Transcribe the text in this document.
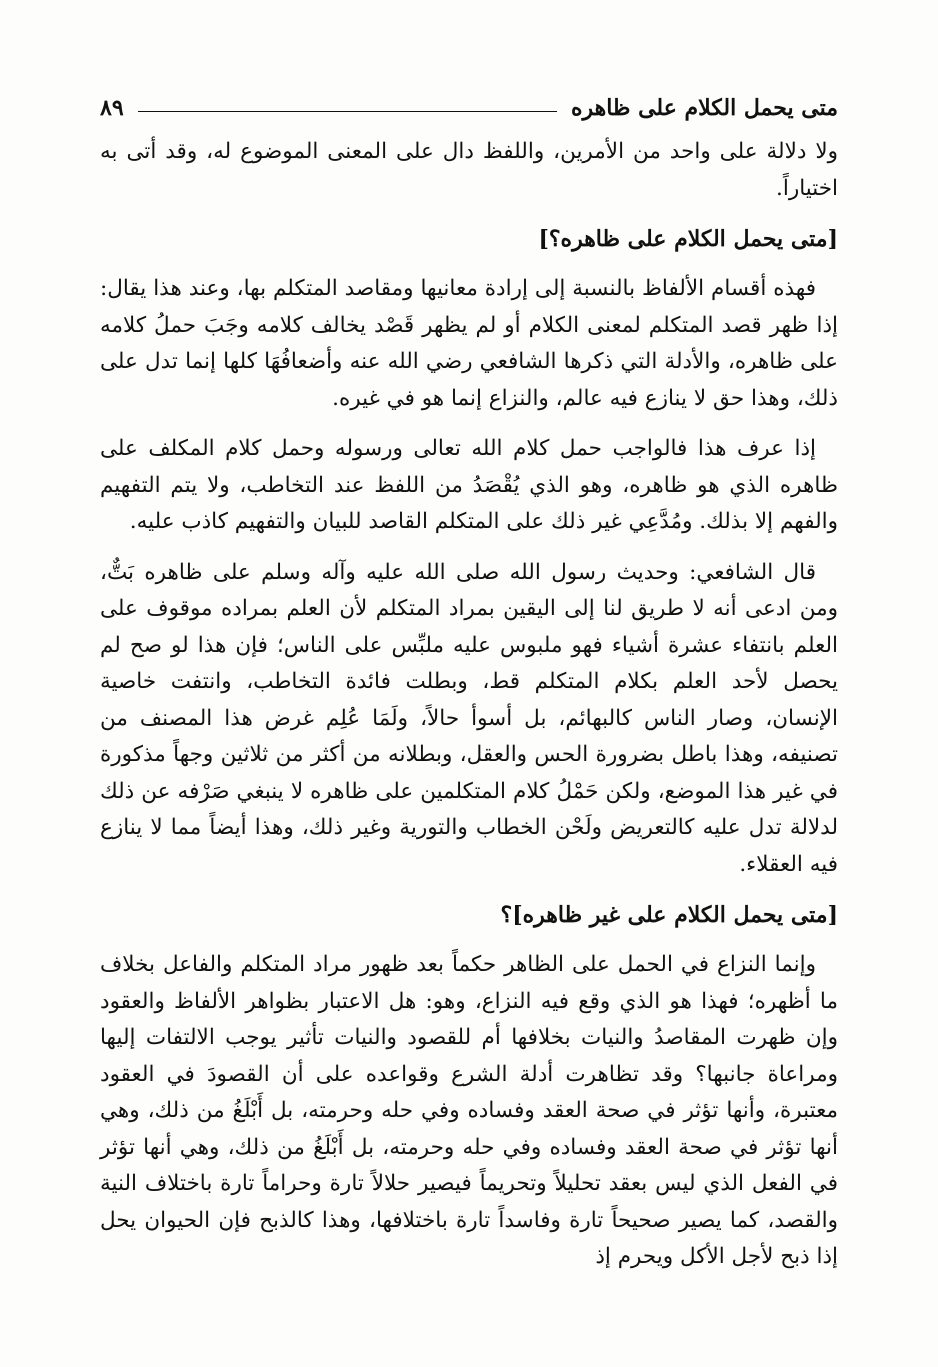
متى يحمل الكلام على ظاهره
٨٩

ولا دلالة على واحد من الأمرين، واللفظ دال على المعنى الموضوع له، وقد أتى به اختياراً.

[متى يحمل الكلام على ظاهره؟]

فهذه أقسام الألفاظ بالنسبة إلى إرادة معانيها ومقاصد المتكلم بها، وعند هذا يقال: إذا ظهر قصد المتكلم لمعنى الكلام أو لم يظهر قَصْد يخالف كلامه وجَبَ حملُ كلامه على ظاهره، والأدلة التي ذكرها الشافعي رضي الله عنه وأضعافُهَا كلها إنما تدل على ذلك، وهذا حق لا ينازع فيه عالم، والنزاع إنما هو في غيره.

إذا عرف هذا فالواجب حمل كلام الله تعالى ورسوله وحمل كلام المكلف على ظاهره الذي هو ظاهره، وهو الذي يُقْصَدُ من اللفظ عند التخاطب، ولا يتم التفهيم والفهم إلا بذلك. ومُدَّعِي غير ذلك على المتكلم القاصد للبيان والتفهيم كاذب عليه.

قال الشافعي: وحديث رسول الله صلى الله عليه وآله وسلم على ظاهره بَتٌّ، ومن ادعى أنه لا طريق لنا إلى اليقين بمراد المتكلم لأن العلم بمراده موقوف على العلم بانتفاء عشرة أشياء فهو ملبوس عليه ملبِّس على الناس؛ فإن هذا لو صح لم يحصل لأحد العلم بكلام المتكلم قط، وبطلت فائدة التخاطب، وانتفت خاصية الإنسان، وصار الناس كالبهائم، بل أسوأ حالاً، ولَمَا عُلِم غرض هذا المصنف من تصنيفه، وهذا باطل بضرورة الحس والعقل، وبطلانه من أكثر من ثلاثين وجهاً مذكورة في غير هذا الموضع، ولكن حَمْلُ كلام المتكلمين على ظاهره لا ينبغي صَرْفه عن ذلك لدلالة تدل عليه كالتعريض ولَحْن الخطاب والتورية وغير ذلك، وهذا أيضاً مما لا ينازع فيه العقلاء.

[متى يحمل الكلام على غير ظاهره]؟

وإنما النزاع في الحمل على الظاهر حكماً بعد ظهور مراد المتكلم والفاعل بخلاف ما أظهره؛ فهذا هو الذي وقع فيه النزاع، وهو: هل الاعتبار بظواهر الألفاظ والعقود وإن ظهرت المقاصدُ والنيات بخلافها أم للقصود والنيات تأثير يوجب الالتفات إليها ومراعاة جانبها؟ وقد تظاهرت أدلة الشرع وقواعده على أن القصودَ في العقود معتبرة، وأنها تؤثر في صحة العقد وفساده وفي حله وحرمته، بل أَبْلَغُ من ذلك، وهي أنها تؤثر في صحة العقد وفساده وفي حله وحرمته، بل أَبْلَغُ من ذلك، وهي أنها تؤثر في الفعل الذي ليس بعقد تحليلاً وتحريماً فيصير حلالاً تارة وحراماً تارة باختلاف النية والقصد، كما يصير صحيحاً تارة وفاسداً تارة باختلافها، وهذا كالذبح فإن الحيوان يحل إذا ذبح لأجل الأكل ويحرم إذ
